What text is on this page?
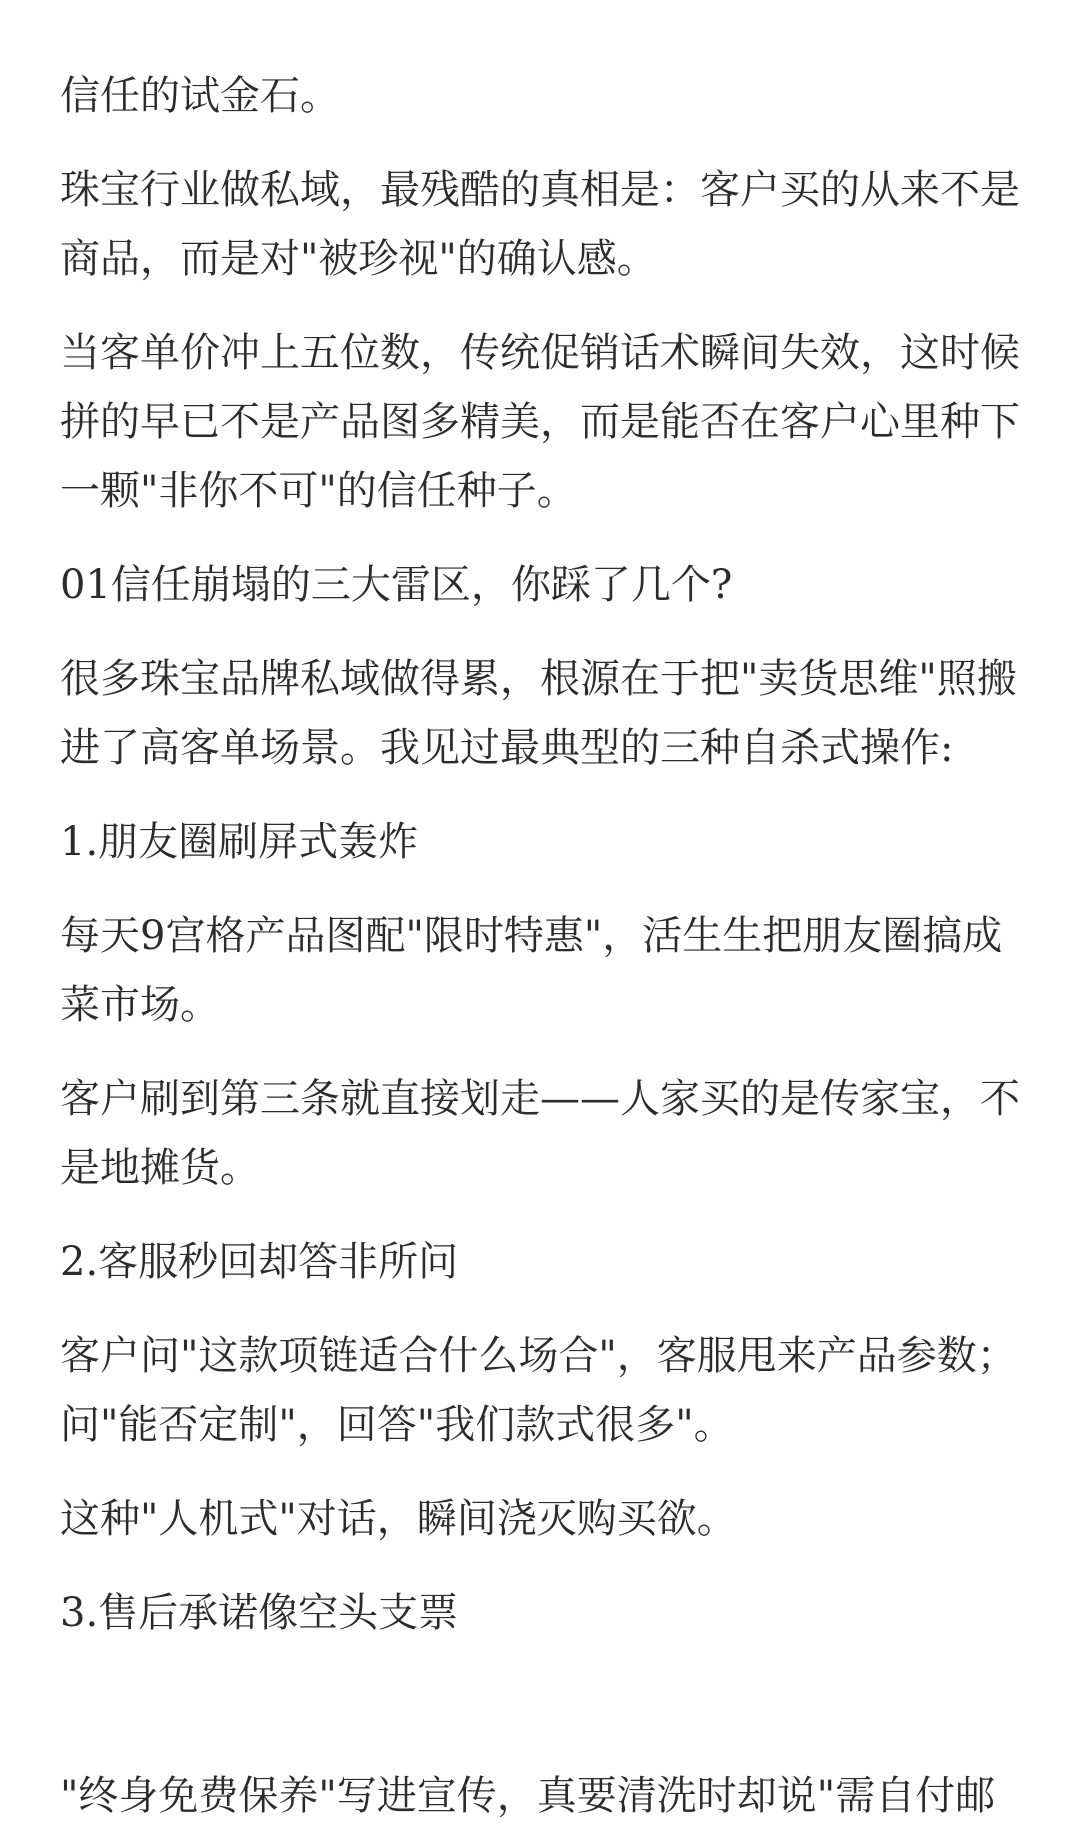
信任的试金石。

珠宝行业做私域，最残酷的真相是：客户买的从来不是商品，而是对"被珍视"的确认感。

当客单价冲上五位数，传统促销话术瞬间失效，这时候拼的早已不是产品图多精美，而是能否在客户心里种下一颗"非你不可"的信任种子。

01信任崩塌的三大雷区，你踩了几个?

很多珠宝品牌私域做得累，根源在于把"卖货思维"照搬进了高客单场景。我见过最典型的三种自杀式操作:

1.朋友圈刷屏式轰炸

每天9宫格产品图配"限时特惠"，活生生把朋友圈搞成菜市场。

客户刷到第三条就直接划走——人家买的是传家宝，不是地摊货。

2.客服秒回却答非所问

客户问"这款项链适合什么场合"，客服甩来产品参数；问"能否定制"，回答"我们款式很多"。

这种"人机式"对话，瞬间浇灭购买欲。

3.售后承诺像空头支票

"终身免费保养"写进宣传，真要清洗时却说"需自付邮
